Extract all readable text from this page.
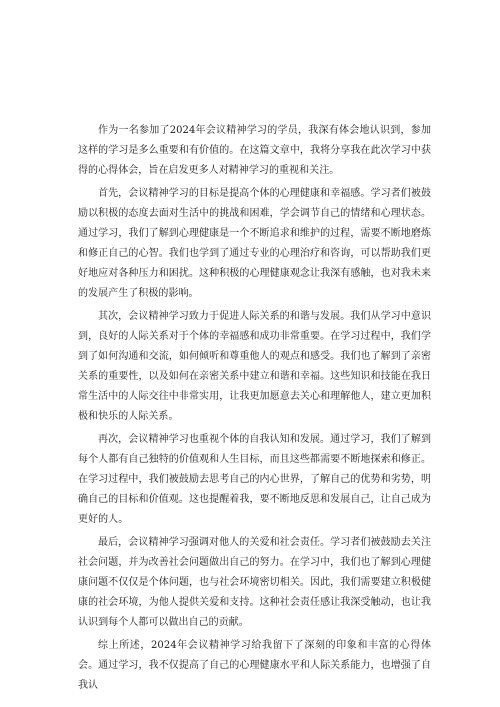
作为一名参加了2024年会议精神学习的学员，我深有体会地认识到，参加这样的学习是多么重要和有价值的。在这篇文章中，我将分享我在此次学习中获得的心得体会，旨在启发更多人对精神学习的重视和关注。

首先，会议精神学习的目标是提高个体的心理健康和幸福感。学习者们被鼓励以积极的态度去面对生活中的挑战和困难，学会调节自己的情绪和心理状态。通过学习，我们了解到心理健康是一个不断追求和维护的过程，需要不断地磨炼和修正自己的心智。我们也学到了通过专业的心理治疗和咨询，可以帮助我们更好地应对各种压力和困扰。这种积极的心理健康观念让我深有感触，也对我未来的发展产生了积极的影响。

其次，会议精神学习致力于促进人际关系的和谐与发展。我们从学习中意识到，良好的人际关系对于个体的幸福感和成功非常重要。在学习过程中，我们学到了如何沟通和交流，如何倾听和尊重他人的观点和感受。我们也了解到了亲密关系的重要性，以及如何在亲密关系中建立和谐和幸福。这些知识和技能在我日常生活中的人际交往中非常实用，让我更加愿意去关心和理解他人，建立更加积极和快乐的人际关系。

再次，会议精神学习也重视个体的自我认知和发展。通过学习，我们了解到每个人都有自己独特的价值观和人生目标，而且这些都需要不断地探索和修正。在学习过程中，我们被鼓励去思考自己的内心世界，了解自己的优势和劣势，明确自己的目标和价值观。这也提醒着我，要不断地反思和发展自己，让自己成为更好的人。

最后，会议精神学习强调对他人的关爱和社会责任。学习者们被鼓励去关注社会问题，并为改善社会问题做出自己的努力。在学习中，我们也了解到心理健康问题不仅仅是个体问题，也与社会环境密切相关。因此，我们需要建立积极健康的社会环境，为他人提供关爱和支持。这种社会责任感让我深受触动，也让我认识到每个人都可以做出自己的贡献。

综上所述，2024年会议精神学习给我留下了深刻的印象和丰富的心得体会。通过学习，我不仅提高了自己的心理健康水平和人际关系能力，也增强了自我认
